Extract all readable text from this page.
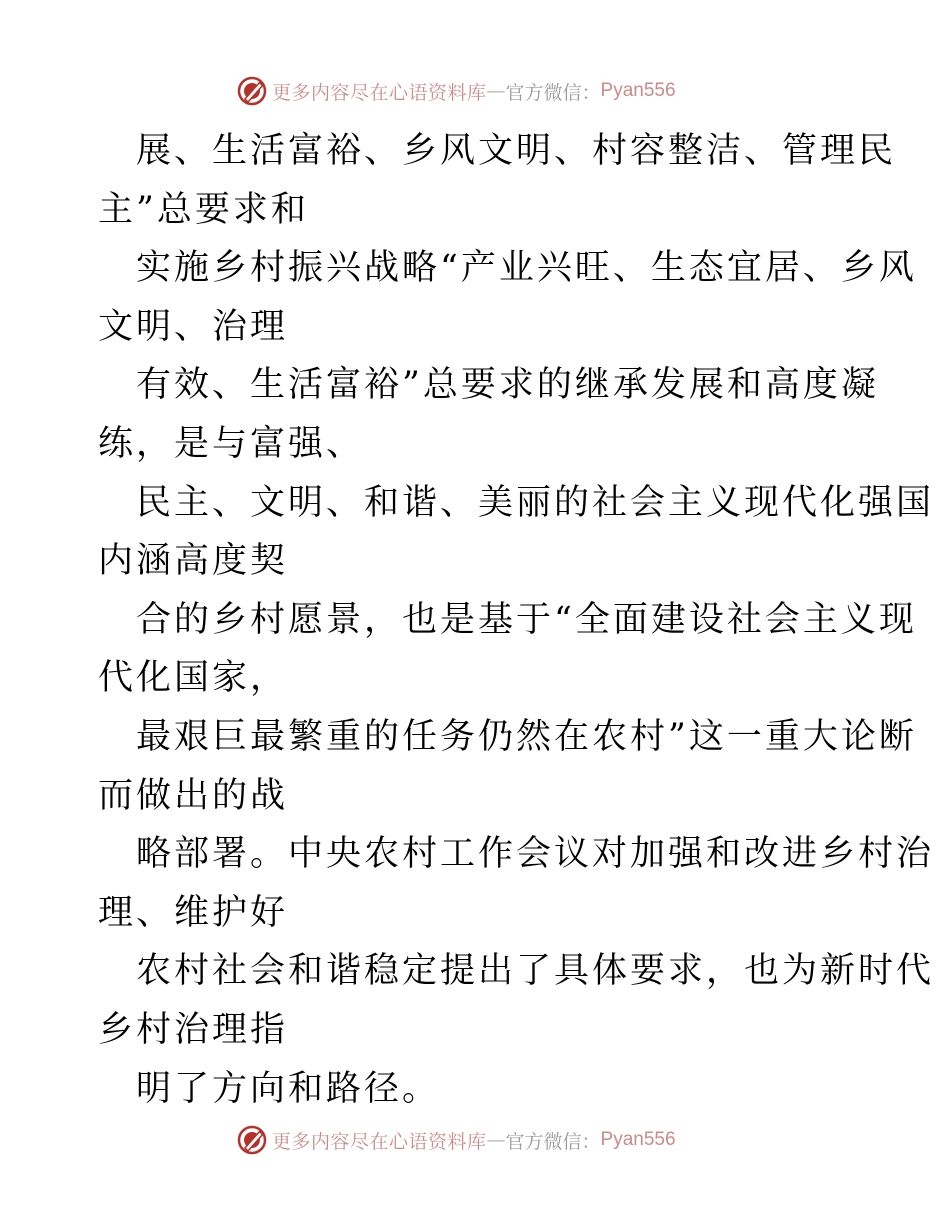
更多内容尽在心语资料库 — 官方微信： Pyan556
展、生活富裕、乡风文明、村容整洁、管理民
主”总要求和
实施乡村振兴战略“产业兴旺、生态宜居、乡风
文明、治理
有效、生活富裕”总要求的继承发展和高度凝
练，是与富强、
民主、文明、和谐、美丽的社会主义现代化强国
内涵高度契
合的乡村愿景，也是基于“全面建设社会主义现
代化国家，
最艰巨最繁重的任务仍然在农村”这一重大论断
而做出的战
略部署。中央农村工作会议对加强和改进乡村治
理、维护好
农村社会和谐稳定提出了具体要求，也为新时代
乡村治理指
明了方向和路径。
更多内容尽在心语资料库 — 官方微信： Pyan556
